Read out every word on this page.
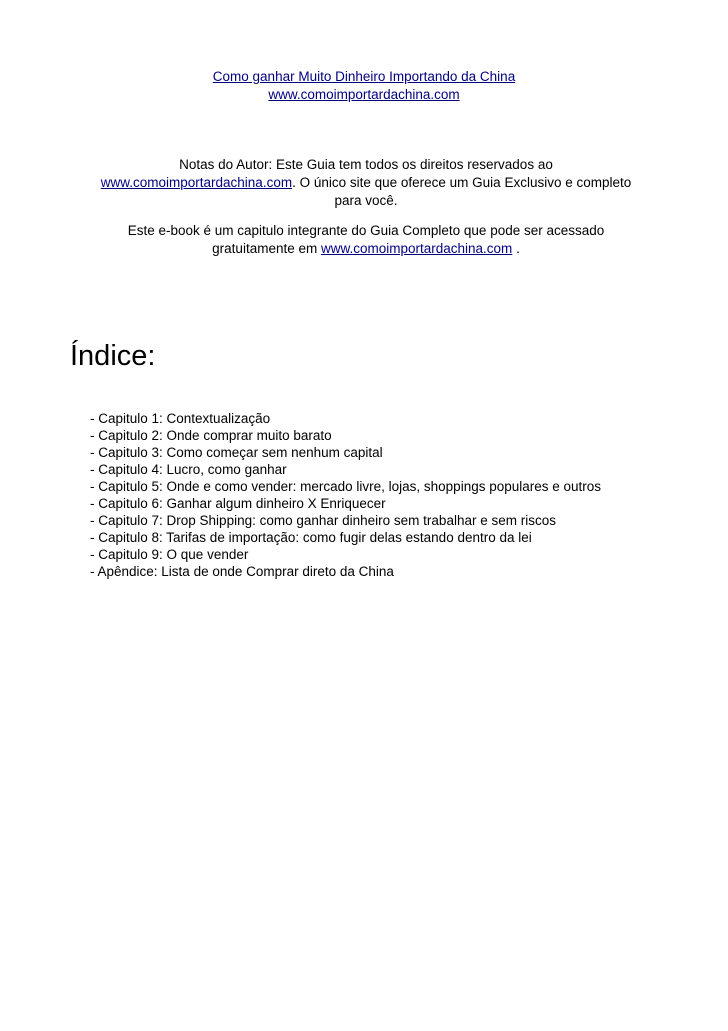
Como ganhar Muito Dinheiro Importando da China
www.comoimportardachina.com
Notas do Autor: Este Guia tem todos os direitos reservados ao
www.comoimportardachina.com. O único site que oferece um Guia Exclusivo e completo
para você.
Este e-book é um capitulo integrante do Guia Completo que pode ser acessado
gratuitamente em www.comoimportardachina.com .
Índice:
- Capitulo 1: Contextualização
- Capitulo 2: Onde comprar muito barato
- Capitulo 3: Como começar sem nenhum capital
- Capitulo 4: Lucro, como ganhar
- Capitulo 5: Onde e como vender: mercado livre, lojas, shoppings populares e outros
- Capitulo 6: Ganhar algum dinheiro X Enriquecer
- Capitulo 7: Drop Shipping: como ganhar dinheiro sem trabalhar e sem riscos
- Capitulo 8: Tarifas de importação: como fugir delas estando dentro da lei
- Capitulo 9: O que vender
- Apêndice: Lista de onde Comprar direto da China
